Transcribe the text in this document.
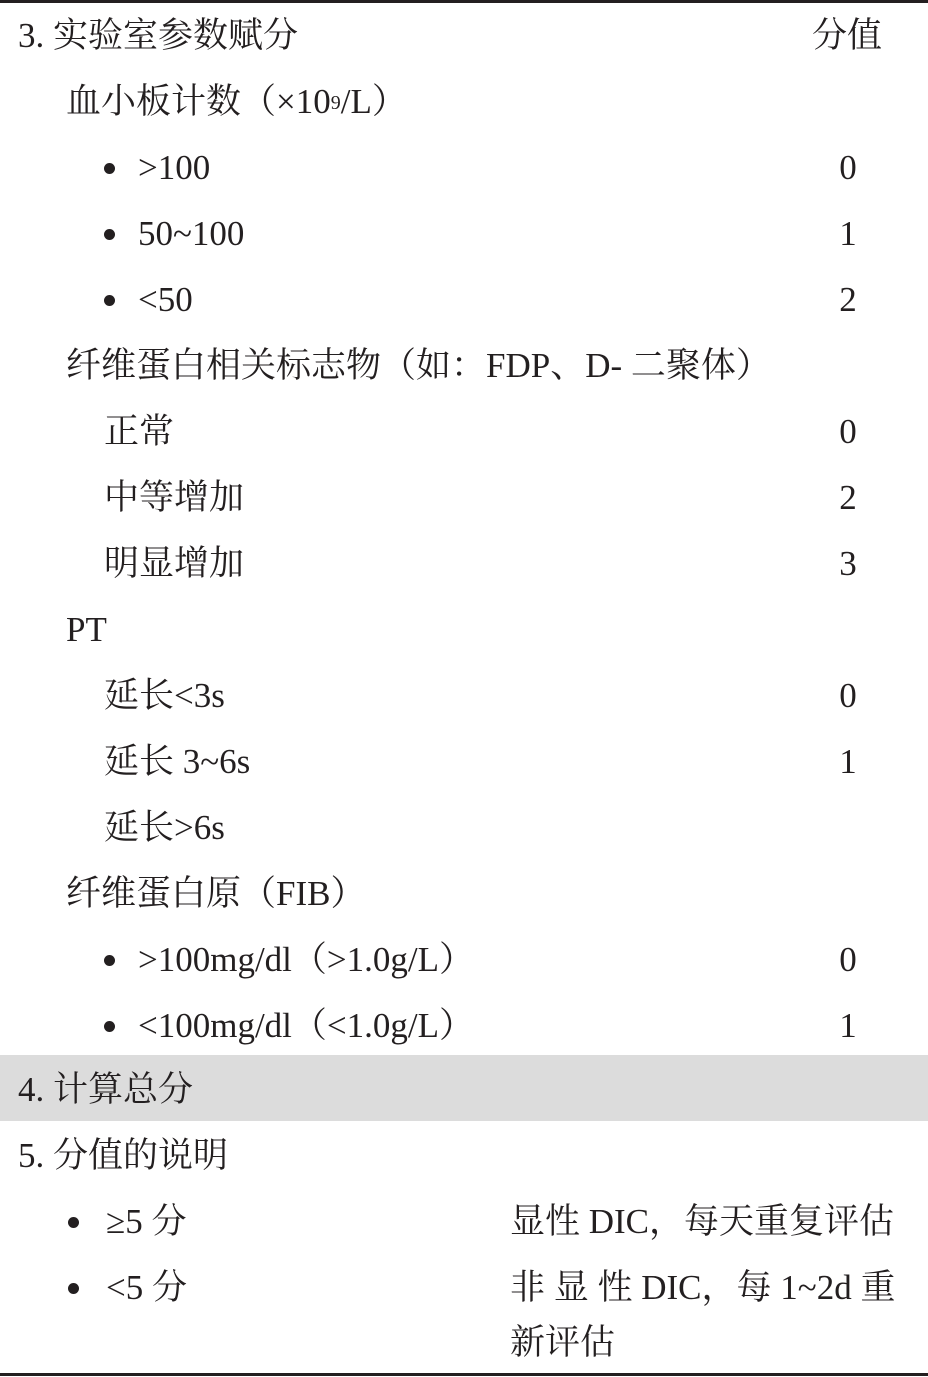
3. 实验室参数赋分	分值
血小板计数$(\times 10^9/L)$
>100	0
50~100	1
<50	2
纤维蛋白相关标志物（如：FDP、D- 二聚体）
正常	0
中等增加	2
明显增加	3
PT
延长<3s	0
延长 3~6s	1
延长>6s
纤维蛋白原（FIB）
>100mg/dl（>1.0g/L）	0
<100mg/dl（<1.0g/L）	1
4. 计算总分
5. 分值的说明
≥5 分	显性 DIC，每天重复评估
<5 分	非 显 性 DIC，每 1~2d 重
新评估
